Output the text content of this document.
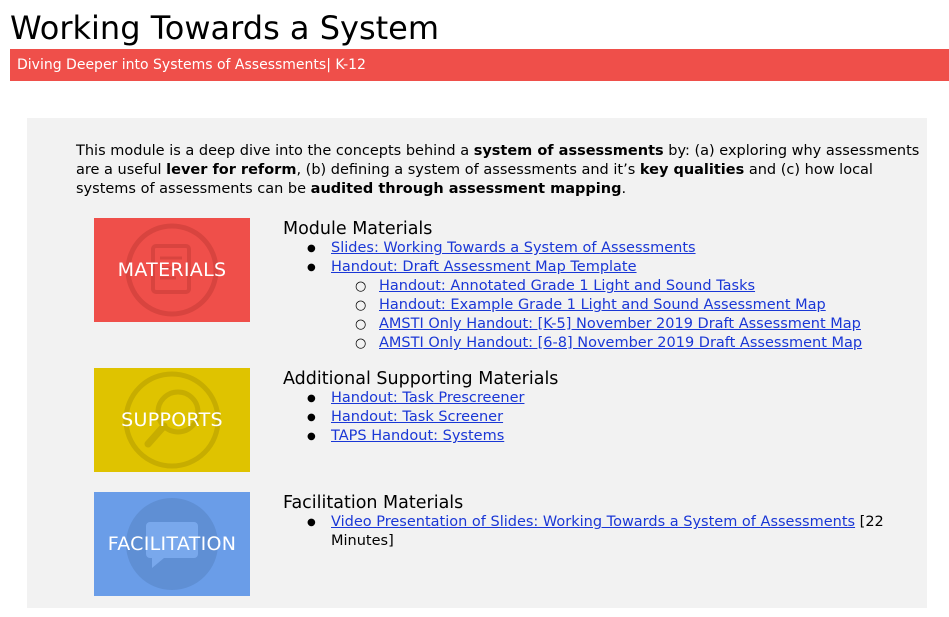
Working Towards a System
Diving Deeper into Systems of Assessments| K-12

This module is a deep dive into the concepts behind a system of assessments by: (a) exploring why assessments are a useful lever for reform, (b) defining a system of assessments and it’s key qualities and (c) how local systems of assessments can be audited through assessment mapping.

MATERIALS
SUPPORTS
FACILITATION
Module Materials
● Slides: Working Towards a System of Assessments
● Handout: Draft Assessment Map Template
○ Handout: Annotated Grade 1 Light and Sound Tasks
○ Handout: Example Grade 1 Light and Sound Assessment Map
○ AMSTI Only Handout: [K-5] November 2019 Draft Assessment Map
○ AMSTI Only Handout: [6-8] November 2019 Draft Assessment Map
Additional Supporting Materials
● Handout: Task Prescreener
● Handout: Task Screener
● TAPS Handout: Systems
Facilitation Materials
● Video Presentation of Slides: Working Towards a System of Assessments [22 Minutes]
